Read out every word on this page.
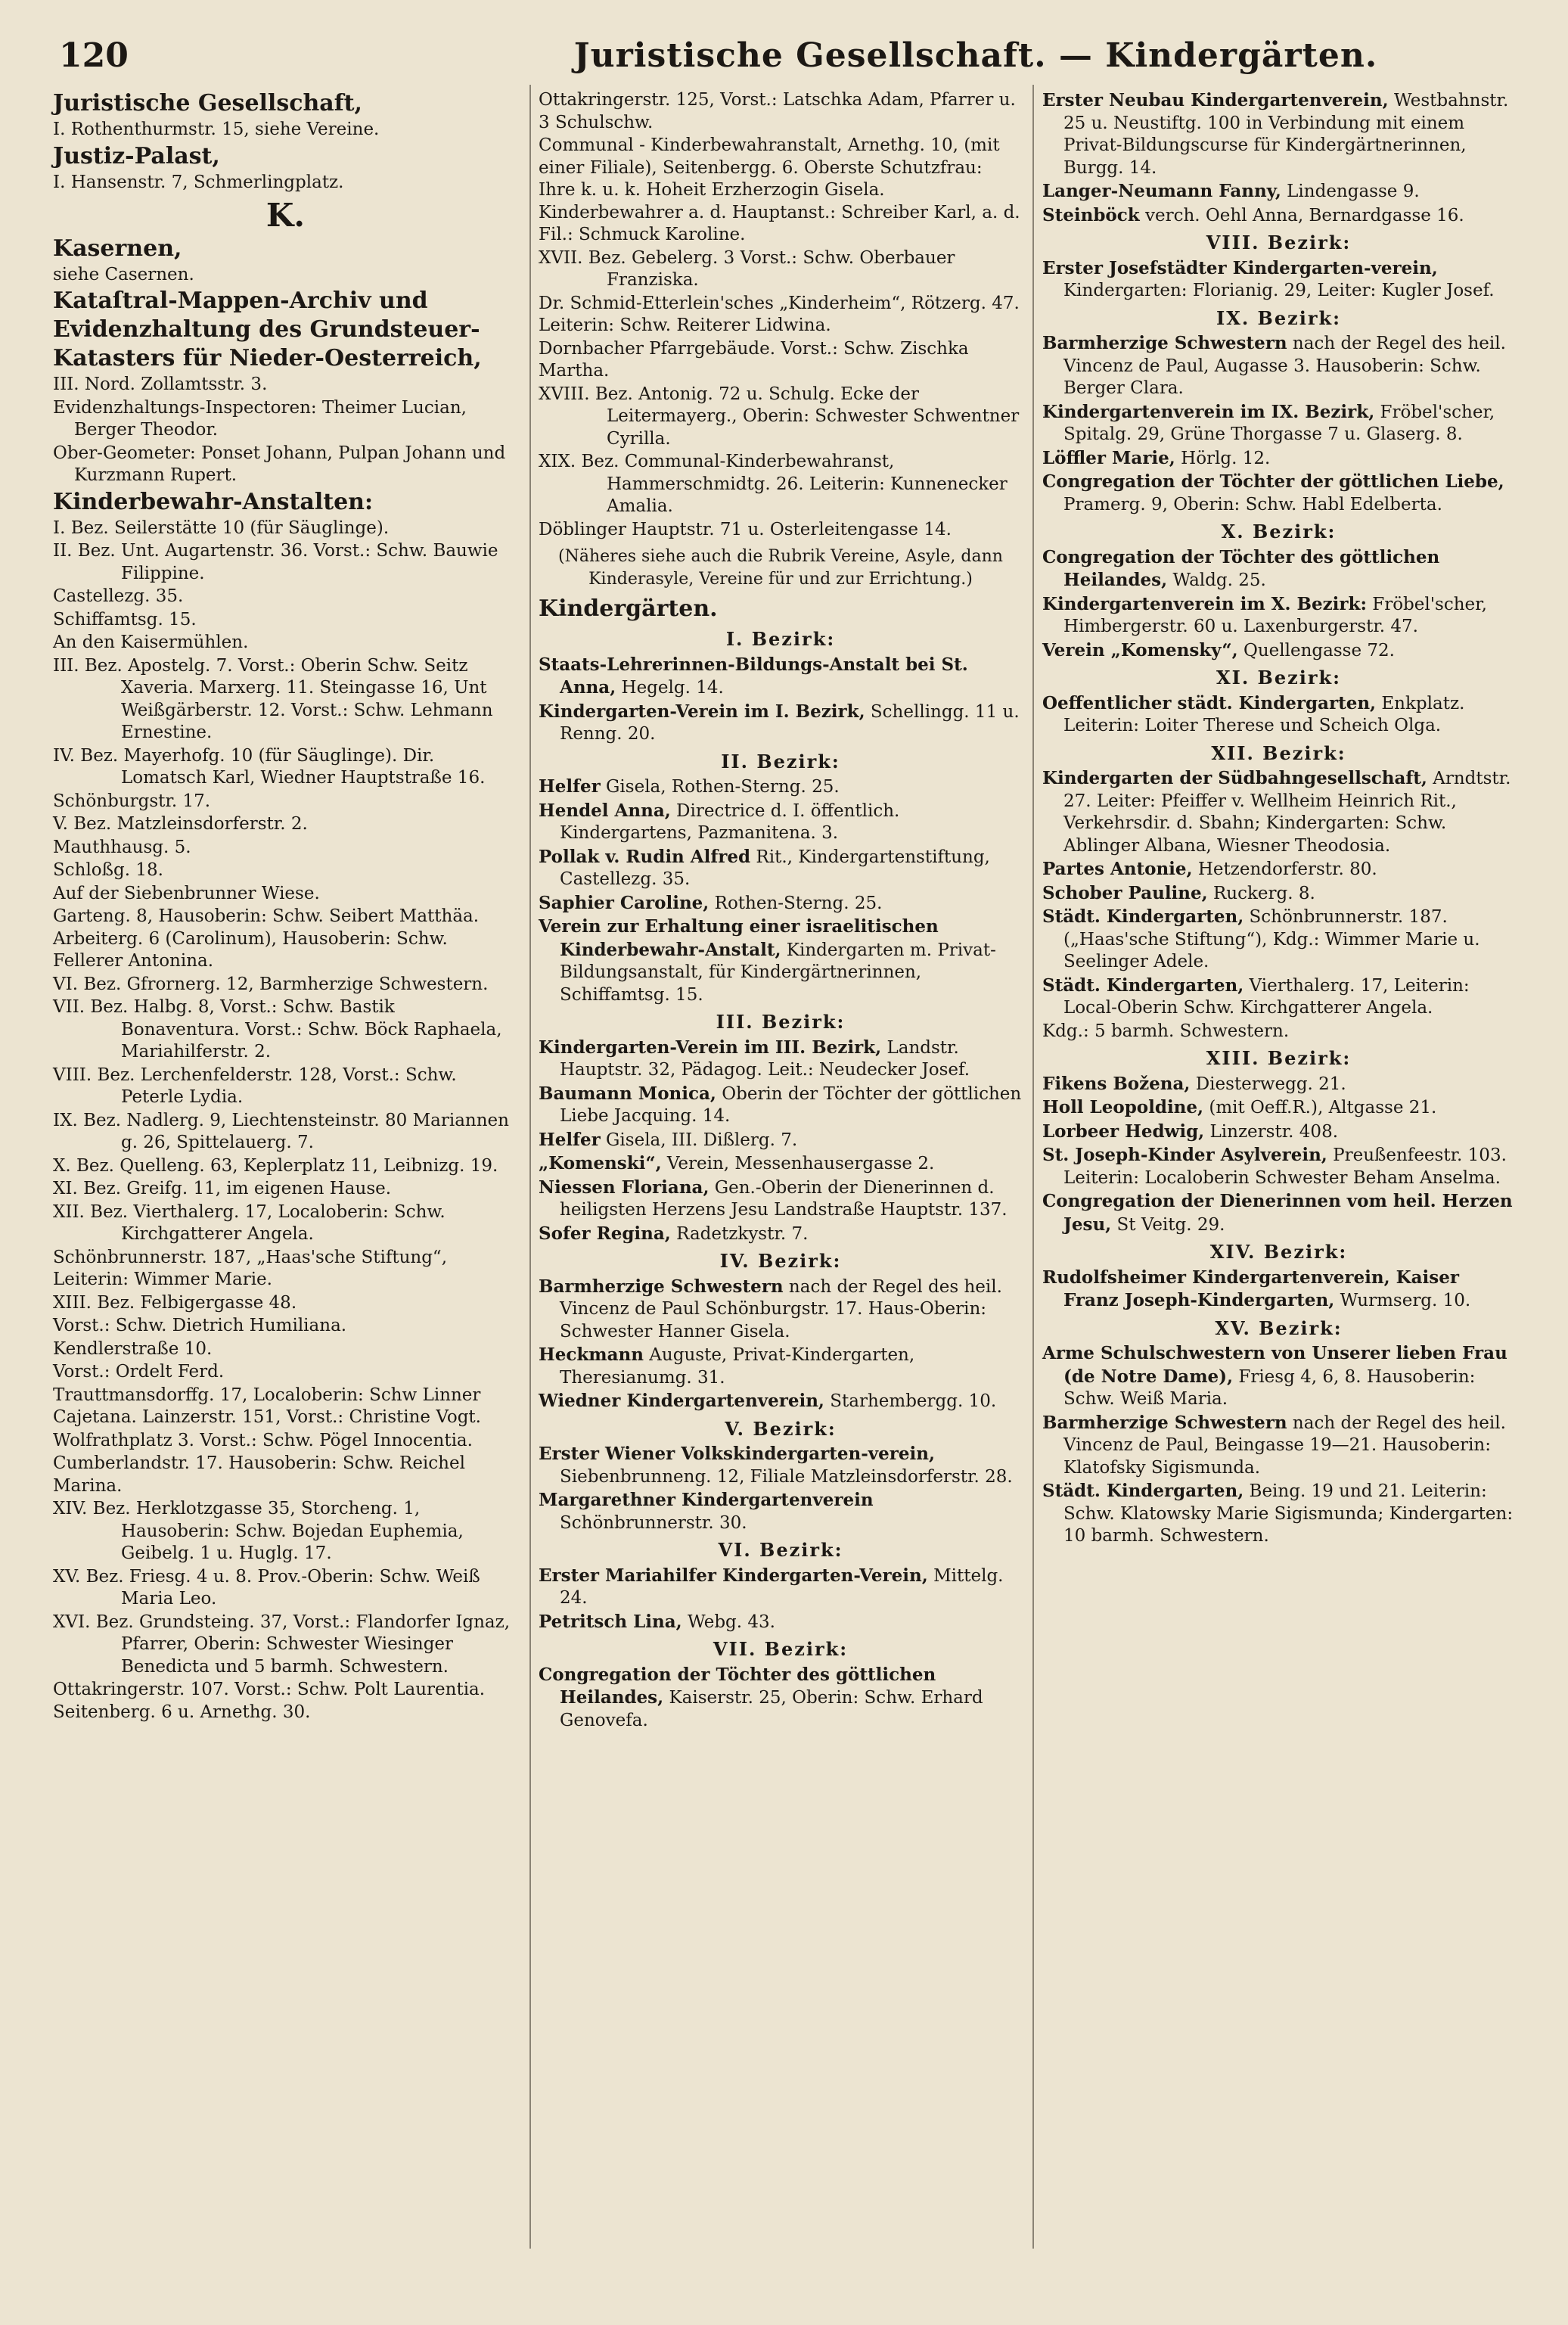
120	Juristische Gesellschaft. — Kindergärten.
Juristische Gesellschaft,
I. Rothenthurmstr. 15, siehe Vereine.
Justiz-Palast,
I. Hansenstr. 7, Schmerlingplatz.
K.
Kasernen,
siehe Casernen.
Kataſtral-Mappen-Archiv und Evidenzhaltung des Grundsteuer-Katasters für Nieder-Oesterreich,
III. Nord. Zollamtsstr. 3.
Evidenzhaltungs-Inspectoren: Theimer Lucian, Berger Theodor.
Ober-Geometer: Ponset Johann, Pulpan Johann und Kurzmann Rupert.
Kinderbewahr-Anstalten:
I. Bez. Seilerstätte 10 (für Säuglinge).
II. Bez. Unt. Augartenstr. 36. Vorst.: Schw. Bauwie Filippine.
Castellezg. 35.
Schiffamtsg. 15.
An den Kaisermühlen.
III. Bez. Apostelg. 7. Vorst.: Oberin Schw. Seitz Xaveria. Marxerg. 11. Steingasse 16, Unt Weißgärberstr. 12. Vorst.: Schw. Lehmann Ernestine.
IV. Bez. Mayerhofg. 10 (für Säuglinge). Dir. Lomatsch Karl, Wiedner Hauptstraße 16.
Schönburgstr. 17.
V. Bez. Matzleinsdorferstr. 2.
Mauthhausg. 5.
Schloßg. 18.
Auf der Siebenbrunner Wiese.
Garteng. 8, Hausoberin: Schw. Seibert Matthäa. Arbeiterg. 6 (Carolinum), Hausoberin: Schw. Fellerer Antonina.
VI. Bez. Gfrornerg. 12, Barmherzige Schwestern.
VII. Bez. Halbg. 8, Vorst.: Schw. Bastik Bonaventura. Vorst.: Schw. Böck Raphaela, Mariahilferstr. 2.
VIII. Bez. Lerchenfelderstr. 128, Vorst.: Schw. Peterle Lydia.
IX. Bez. Nadlerg. 9, Liechtensteinstr. 80 Mariannen g. 26, Spittelauerg. 7.
X. Bez. Quelleng. 63, Keplerplatz 11, Leibnizg. 19.
XI. Bez. Greifg. 11, im eigenen Hause.
XII. Bez. Vierthalerg. 17, Localoberin: Schw. Kirchgatterer Angela.
Schönbrunnerstr. 187, „Haas'sche Stiftung“, Leiterin: Wimmer Marie.
XIII. Bez. Felbigergasse 48.
Vorst.: Schw. Dietrich Humiliana.
Kendlerstraße 10.
Vorst.: Ordelt Ferd.
Trauttmansdorffg. 17, Localoberin: Schw Linner Cajetana. Lainzerstr. 151, Vorst.: Christine Vogt.
Wolfrathplatz 3. Vorst.: Schw. Pögel Innocentia.
Cumberlandstr. 17. Hausoberin: Schw. Reichel Marina.
XIV. Bez. Herklotzgasse 35, Storcheng. 1, Hausoberin: Schw. Bojedan Euphemia, Geibelg. 1 u. Huglg. 17.
XV. Bez. Friesg. 4 u. 8. Prov.-Oberin: Schw. Weiß Maria Leo.
XVI. Bez. Grundsteing. 37, Vorst.: Flandorfer Ignaz, Pfarrer, Oberin: Schwester Wiesinger Benedicta und 5 barmh. Schwestern.
Ottakringerstr. 107. Vorst.: Schw. Polt Laurentia. Seitenberg. 6 u. Arnethg. 30.
Ottakringerstr. 125, Vorst.: Latschka Adam, Pfarrer u. 3 Schulschw.
Communal - Kinderbewahranstalt, Arnethg. 10, (mit einer Filiale), Seitenbergg. 6. Oberste Schutzfrau: Ihre k. u. k. Hoheit Erzherzogin Gisela. Kinderbewahrer a. d. Hauptanst.: Schreiber Karl, a. d. Fil.: Schmuck Karoline.
XVII. Bez. Gebelerg. 3 Vorst.: Schw. Oberbauer Franziska.
Dr. Schmid-Etterlein'sches „Kinderheim“, Rötzerg. 47. Leiterin: Schw. Reiterer Lidwina.
Dornbacher Pfarrgebäude. Vorst.: Schw. Zischka Martha.
XVIII. Bez. Antonig. 72 u. Schulg. Ecke der Leitermayerg., Oberin: Schwester Schwentner Cyrilla.
XIX. Bez. Communal-Kinderbewahranst, Hammerschmidtg. 26. Leiterin: Kunnenecker Amalia.
Döblinger Hauptstr. 71 u. Osterleitengasse 14.
(Näheres siehe auch die Rubrik Vereine, Asyle, dann Kinderasyle, Vereine für und zur Errichtung.)
Kindergärten.
I. Bezirk:
Staats-Lehrerinnen-Bildungs-Anstalt bei St. Anna, Hegelg. 14.
Kindergarten-Verein im I. Bezirk, Schellingg. 11 u. Renng. 20.
II. Bezirk:
Helfer Gisela, Rothen-Sterng. 25.
Hendel Anna, Directrice d. I. öffentlich. Kindergartens, Pazmanitena. 3.
Pollak v. Rudin Alfred Rit., Kindergartenstiftung, Castellezg. 35.
Saphier Caroline, Rothen-Sterng. 25.
Verein zur Erhaltung einer israelitischen Kinderbewahr-Anstalt, Kindergarten m. Privat-Bildungsanstalt, für Kindergärtnerinnen, Schiffamtsg. 15.
III. Bezirk:
Kindergarten-Verein im III. Bezirk, Landstr. Hauptstr. 32, Pädagog. Leit.: Neudecker Josef.
Baumann Monica, Oberin der Töchter der göttlichen Liebe Jacquing. 14.
Helfer Gisela, III. Dißlerg. 7.
„Komenski“, Verein, Messenhausergasse 2.
Niessen Floriana, Gen.-Oberin der Dienerinnen d. heiligsten Herzens Jesu Landstraße Hauptstr. 137.
Sofer Regina, Radetzkystr. 7.
IV. Bezirk:
Barmherzige Schwestern nach der Regel des heil. Vincenz de Paul Schönburgstr. 17. Haus-Oberin: Schwester Hanner Gisela.
Heckmann Auguste, Privat-Kindergarten, Theresianumg. 31.
Wiedner Kindergartenverein, Starhembergg. 10.
V. Bezirk:
Erster Wiener Volkskindergarten-verein, Siebenbrunneng. 12, Filiale Matzleinsdorferstr. 28.
Margarethner Kindergartenverein Schönbrunnerstr. 30.
VI. Bezirk:
Erster Mariahilfer Kindergarten-Verein, Mittelg. 24.
Petritsch Lina, Webg. 43.
VII. Bezirk:
Congregation der Töchter des göttlichen Heilandes, Kaiserstr. 25, Oberin: Schw. Erhard Genovefa.
Erster Neubau Kindergartenverein, Westbahnstr. 25 u. Neustiftg. 100 in Verbindung mit einem Privat-Bildungscurse für Kindergärtnerinnen, Burgg. 14.
Langer-Neumann Fanny, Lindengasse 9.
Steinböck verch. Oehl Anna, Bernardgasse 16.
VIII. Bezirk:
Erster Josefstädter Kindergarten-verein, Kindergarten: Florianig. 29, Leiter: Kugler Josef.
IX. Bezirk:
Barmherzige Schwestern nach der Regel des heil. Vincenz de Paul, Augasse 3. Hausoberin: Schw. Berger Clara.
Kindergartenverein im IX. Bezirk, Fröbel'scher, Spitalg. 29, Grüne Thorgasse 7 u. Glaserg. 8.
Löffler Marie, Hörlg. 12.
Congregation der Töchter der göttlichen Liebe, Pramerg. 9, Oberin: Schw. Habl Edelberta.
X. Bezirk:
Congregation der Töchter des göttlichen Heilandes, Waldg. 25.
Kindergartenverein im X. Bezirk: Fröbel'scher, Himbergerstr. 60 u. Laxenburgerstr. 47.
Verein „Komensky“, Quellengasse 72.
XI. Bezirk:
Oeffentlicher städt. Kindergarten, Enkplatz. Leiterin: Loiter Therese und Scheich Olga.
XII. Bezirk:
Kindergarten der Südbahngesellschaft, Arndtstr. 27. Leiter: Pfeiffer v. Wellheim Heinrich Rit., Verkehrsdir. d. Sbahn; Kindergarten: Schw. Ablinger Albana, Wiesner Theodosia.
Partes Antonie, Hetzendorferstr. 80.
Schober Pauline, Ruckerg. 8.
Städt. Kindergarten, Schönbrunnerstr. 187. („Haas'sche Stiftung“), Kdg.: Wimmer Marie u. Seelinger Adele.
Städt. Kindergarten, Vierthalerg. 17, Leiterin: Local-Oberin Schw. Kirchgatterer Angela.
Kdg.: 5 barmh. Schwestern.
XIII. Bezirk:
Fikens Božena, Diesterwegg. 21.
Holl Leopoldine, (mit Oeff.R.), Altgasse 21.
Lorbeer Hedwig, Linzerstr. 408.
St. Joseph-Kinder Asylverein, Preußenfeestr. 103. Leiterin: Localoberin Schwester Beham Anselma.
Congregation der Dienerinnen vom heil. Herzen Jesu, St Veitg. 29.
XIV. Bezirk:
Rudolfsheimer Kindergartenverein, Kaiser Franz Joseph-Kindergarten, Wurmserg. 10.
XV. Bezirk:
Arme Schulschwestern von Unserer lieben Frau (de Notre Dame), Friesg 4, 6, 8. Hausoberin: Schw. Weiß Maria.
Barmherzige Schwestern nach der Regel des heil. Vincenz de Paul, Beingasse 19—21. Hausoberin: Klatofsky Sigismunda.
Städt. Kindergarten, Being. 19 und 21. Leiterin: Schw. Klatowsky Marie Sigismunda; Kindergarten: 10 barmh. Schwestern.
